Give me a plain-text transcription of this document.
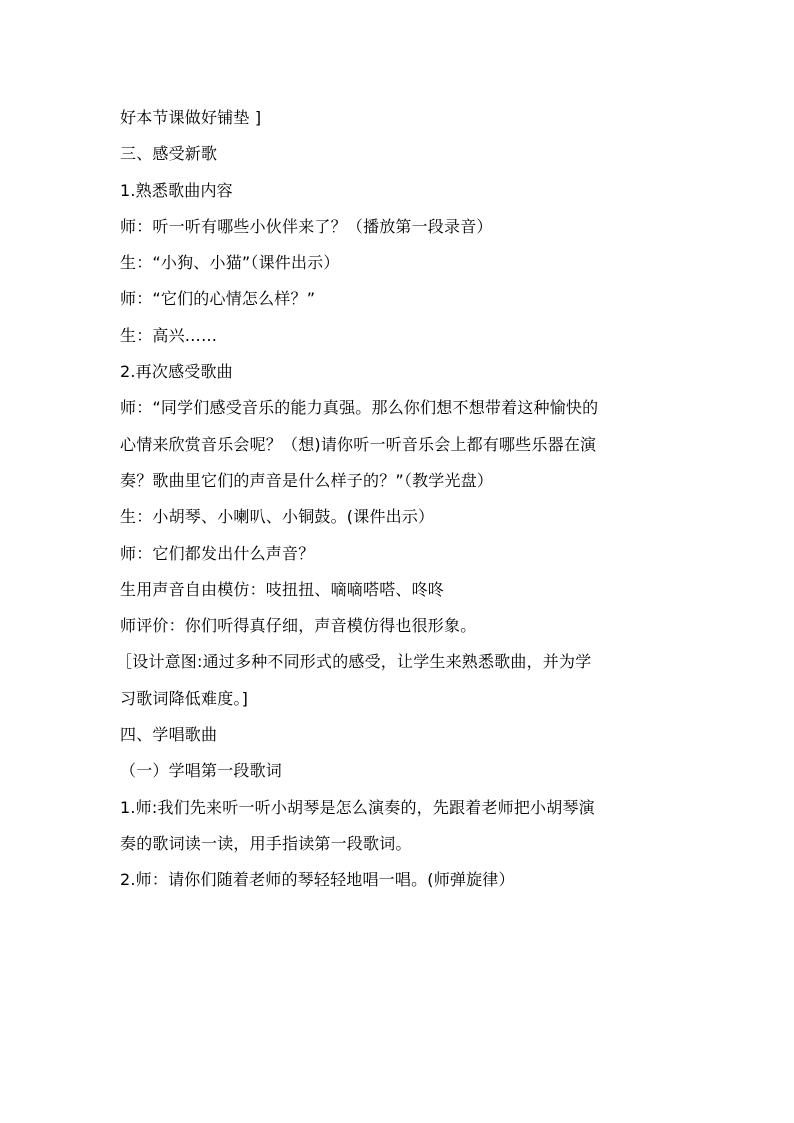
好本节课做好铺垫 ]
三、感受新歌
1.熟悉歌曲内容
师：听一听有哪些小伙伴来了？（播放第一段录音）
生：“小狗、小猫”（课件出示）
师：“它们的心情怎么样？”
生：高兴……
2.再次感受歌曲
师：“同学们感受音乐的能力真强。那么你们想不想带着这种愉快的
心情来欣赏音乐会呢？（想)请你听一听音乐会上都有哪些乐器在演
奏？歌曲里它们的声音是什么样子的？”（教学光盘）
生：小胡琴、小喇叭、小铜鼓。(课件出示）
师：它们都发出什么声音？
生用声音自由模仿：吱扭扭、嘀嘀嗒嗒、咚咚
师评价：你们听得真仔细，声音模仿得也很形象。
［设计意图:通过多种不同形式的感受，让学生来熟悉歌曲，并为学
习歌词降低难度。]
四、学唱歌曲
（一）学唱第一段歌词
1.师:我们先来听一听小胡琴是怎么演奏的，先跟着老师把小胡琴演
奏的歌词读一读，用手指读第一段歌词。
2.师：请你们随着老师的琴轻轻地唱一唱。(师弹旋律）
